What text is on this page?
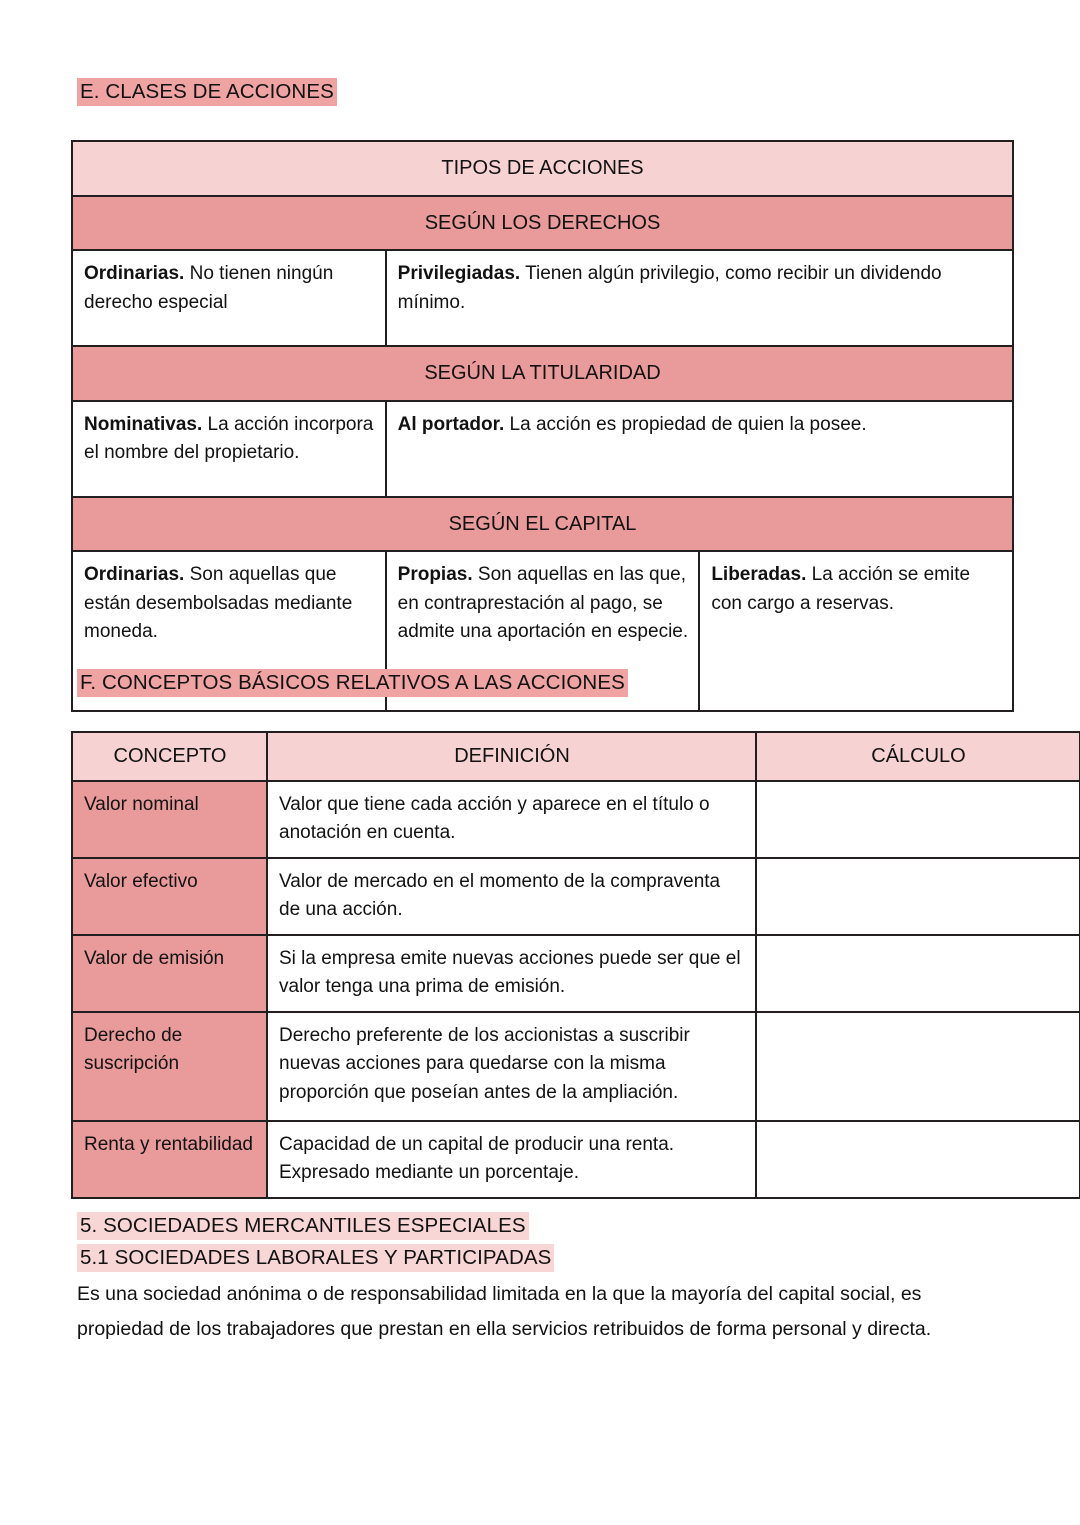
E. CLASES DE ACCIONES
TIPOS DE ACCIONES		
SEGÚN LOS DERECHOS		
Ordinarias. No tienen ningún derecho especial	Privilegiadas. Tienen algún privilegio, como recibir un dividendo mínimo.	
SEGÚN LA TITULARIDAD		
Nominativas. La acción incorpora el nombre del propietario.	Al portador. La acción es propiedad de quien la posee.	
SEGÚN EL CAPITAL		
Ordinarias. Son aquellas que están desembolsadas mediante moneda.	Propias. Son aquellas en las que, en contraprestación al pago, se admite una aportación en especie.	Liberadas. La acción se emite con cargo a reservas.
F. CONCEPTOS BÁSICOS RELATIVOS A LAS ACCIONES
CONCEPTO	DEFINICIÓN	CÁLCULO
Valor nominal	Valor que tiene cada acción y aparece en el título o anotación en cuenta.	
Valor efectivo	Valor de mercado en el momento de la compraventa de una acción.	
Valor de emisión	Si la empresa emite nuevas acciones puede ser que el valor tenga una prima de emisión.	
Derecho de suscripción	Derecho preferente de los accionistas a suscribir nuevas acciones para quedarse con la misma proporción que poseían antes de la ampliación.	
Renta y rentabilidad	Capacidad de un capital de producir una renta. Expresado mediante un porcentaje.	
5. SOCIEDADES MERCANTILES ESPECIALES
5.1 SOCIEDADES LABORALES Y PARTICIPADAS
Es una sociedad anónima o de responsabilidad limitada en la que la mayoría del capital social, es propiedad de los trabajadores que prestan en ella servicios retribuidos de forma personal y directa.
